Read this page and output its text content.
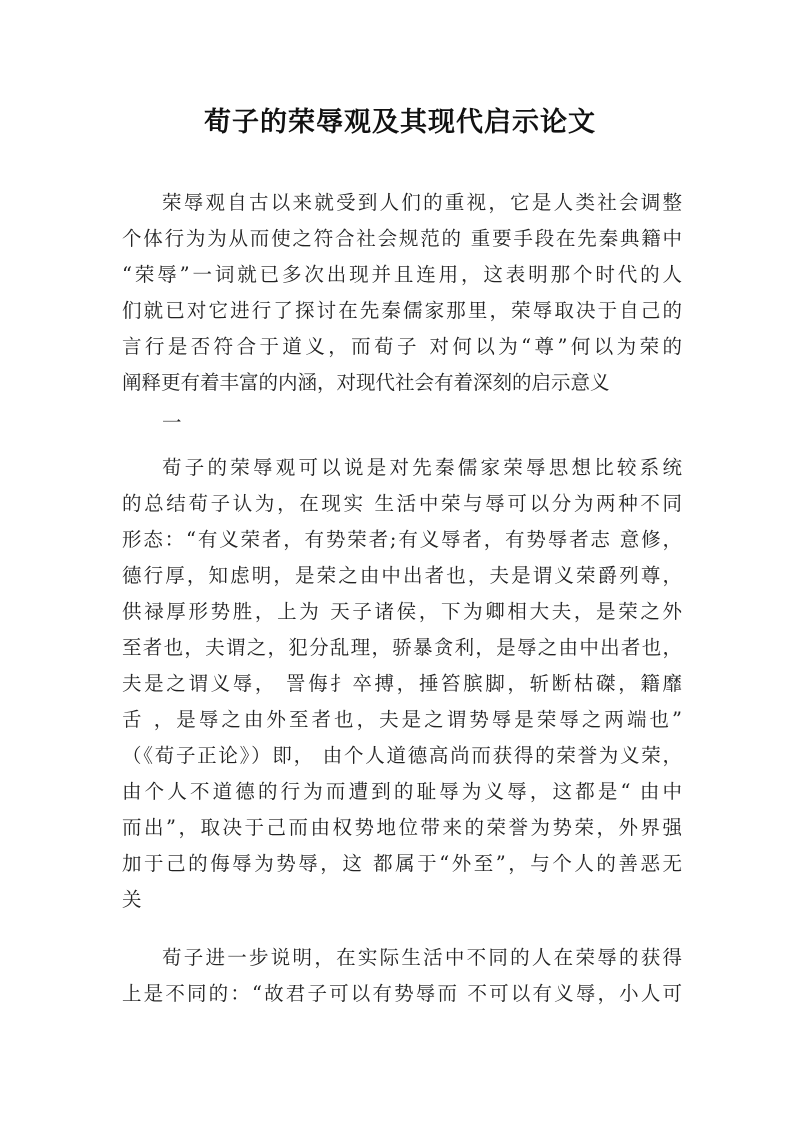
荀子的荣辱观及其现代启示论文
荣辱观自古以来就受到人们的重视，它是人类社会调整
个体行为为从而使之符合社会规范的 重要手段在先秦典籍中
“荣辱”一词就已多次出现并且连用，这表明那个时代的人
们就已对它进行了探讨在先秦儒家那里，荣辱取决于自己的
言行是否符合于道义，而荀子 对何以为“尊”何以为荣的
阐释更有着丰富的内涵，对现代社会有着深刻的启示意义
一
荀子的荣辱观可以说是对先秦儒家荣辱思想比较系统
的总结荀子认为，在现实 生活中荣与辱可以分为两种不同
形态：“有义荣者，有势荣者;有义辱者，有势辱者志 意修，
德行厚，知虑明，是荣之由中出者也，夫是谓义荣爵列尊，
供禄厚形势胜，上为 天子诸侯，下为卿相大夫，是荣之外
至者也，夫谓之，犯分乱理，骄暴贪利，是辱之由中出者也，
夫是之谓义辱， 詈侮扌卒搏，捶笞膑脚，斩断枯磔，籍靡
舌 ，是辱之由外至者也，夫是之谓势辱是荣辱之两端也”
（《荀子正论》）即， 由个人道德高尚而获得的荣誉为义荣，
由个人不道德的行为而遭到的耻辱为义辱，这都是“ 由中
而出”，取决于己而由权势地位带来的荣誉为势荣，外界强
加于己的侮辱为势辱，这 都属于“外至”，与个人的善恶无
关
荀子进一步说明，在实际生活中不同的人在荣辱的获得
上是不同的：“故君子可以有势辱而 不可以有义辱，小人可
